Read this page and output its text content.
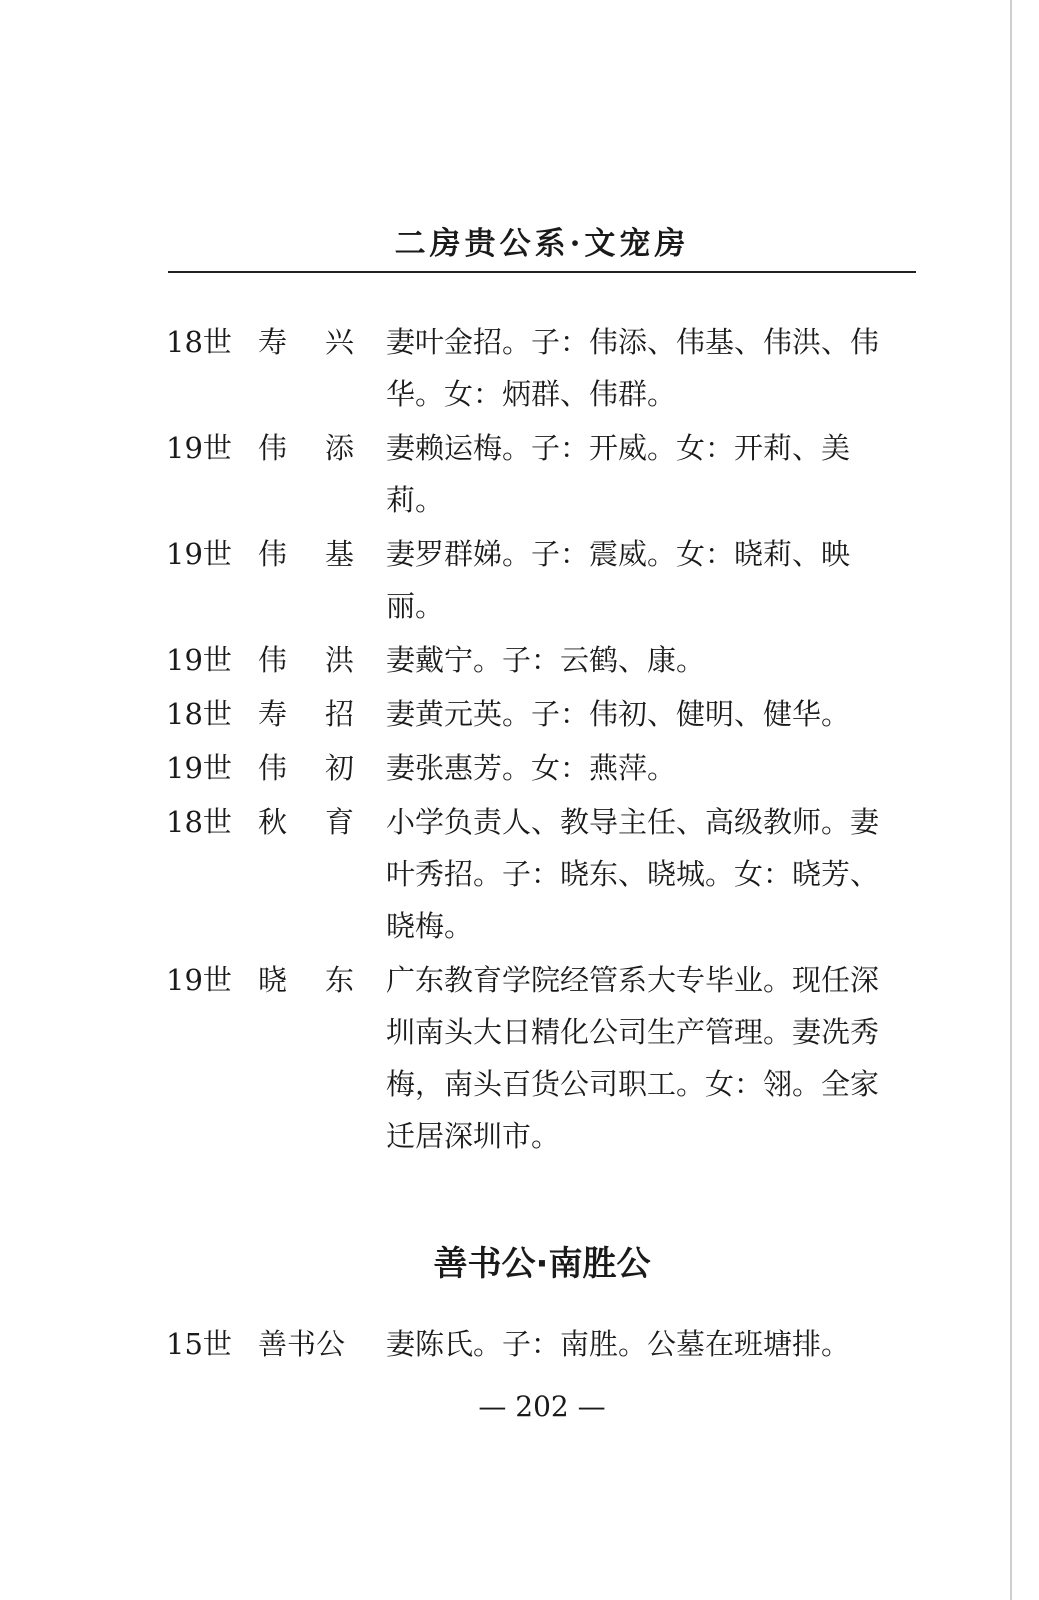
二房贵公系·文宠房
18世 寿 兴 妻叶金招。子：伟添、伟基、伟洪、伟华。女：炳群、伟群。
19世 伟 添 妻赖运梅。子：开威。女：开莉、美莉。
19世 伟 基 妻罗群娣。子：震威。女：晓莉、映丽。
19世 伟 洪 妻戴宁。子：云鹤、康。
18世 寿 招 妻黄元英。子：伟初、健明、健华。
19世 伟 初 妻张惠芳。女：燕萍。
18世 秋 育 小学负责人、教导主任、高级教师。妻叶秀招。子：晓东、晓城。女：晓芳、晓梅。
19世 晓 东 广东教育学院经管系大专毕业。现任深圳南头大日精化公司生产管理。妻冼秀梅，南头百货公司职工。女：翎。全家迁居深圳市。
善书公·南胜公
15世 善书公	妻陈氏。子：南胜。公墓在班塘排。
— 202 —
